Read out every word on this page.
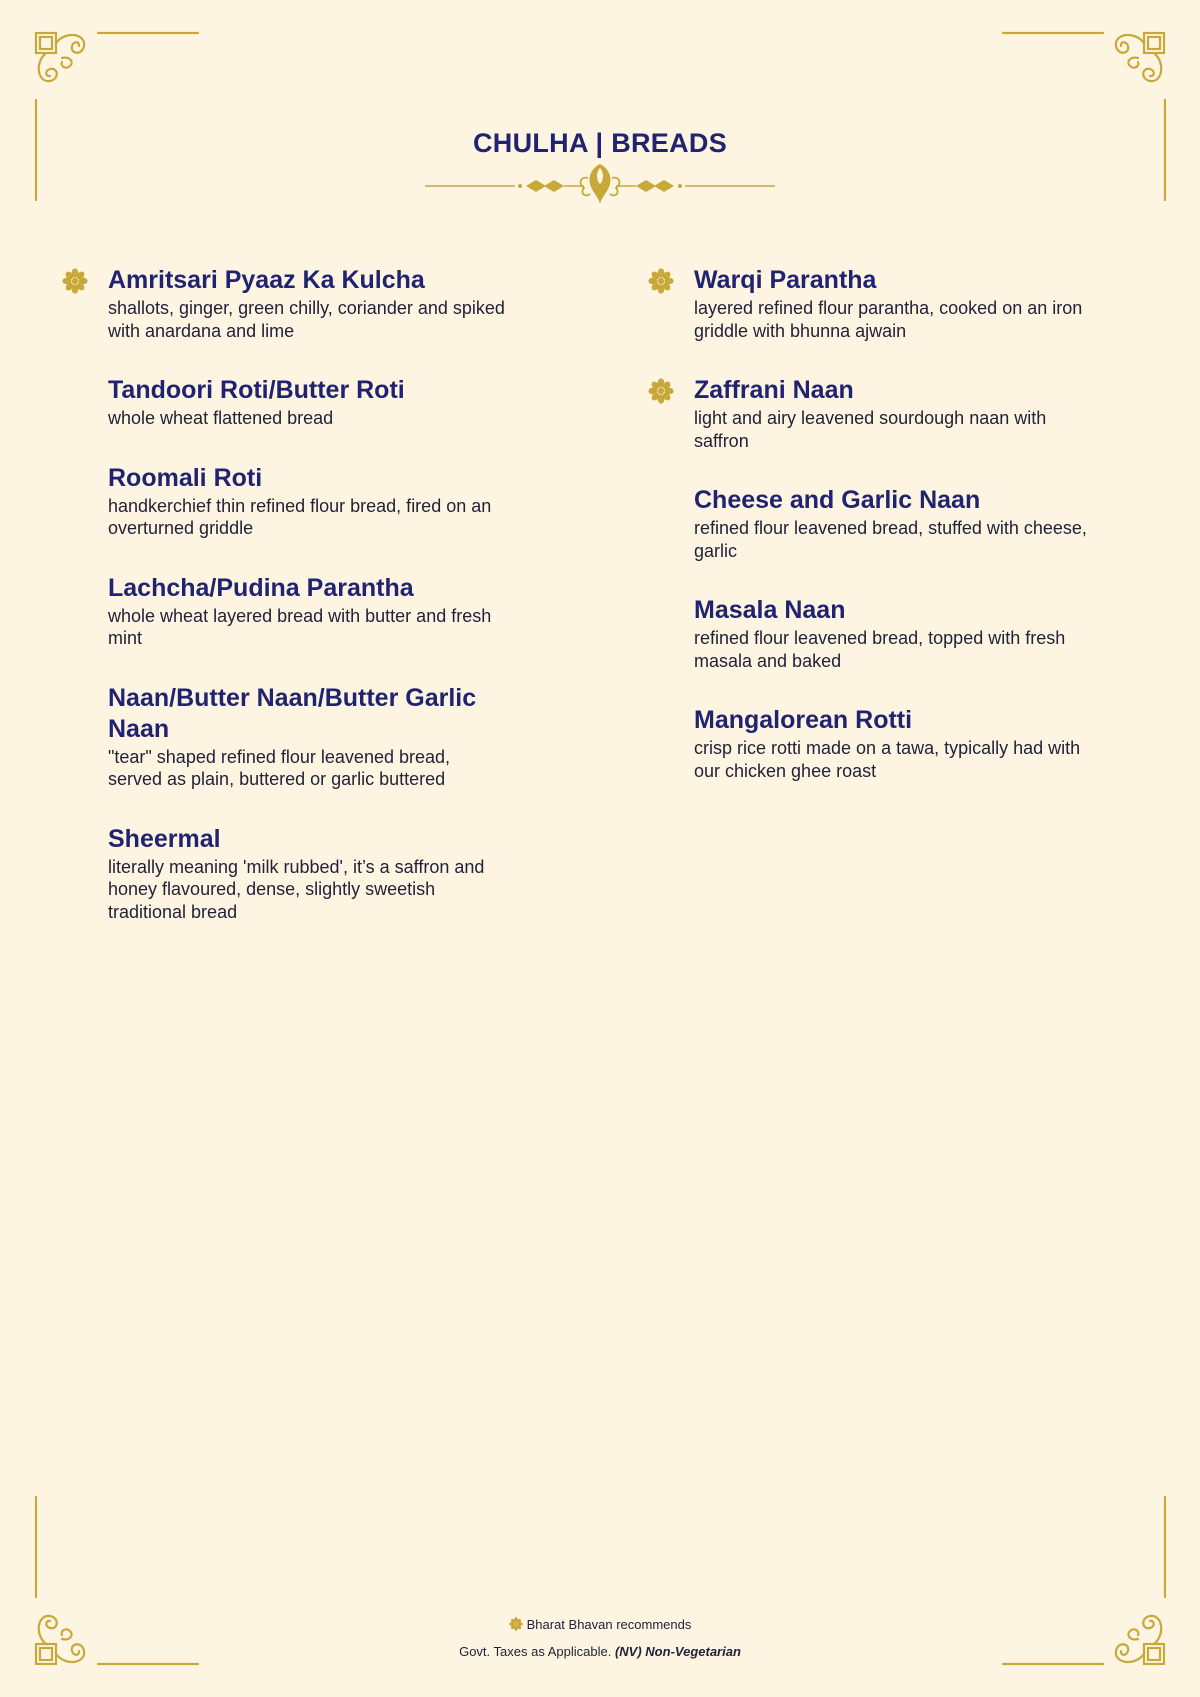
CHULHA | BREADS
Amritsari Pyaaz Ka Kulcha

shallots, ginger, green chilly, coriander and spiked with anardana and lime

Tandoori Roti/Butter Roti

whole wheat flattened bread

Roomali Roti

handkerchief thin refined flour bread, fired on an overturned griddle

Lachcha/Pudina Parantha

whole wheat layered bread with butter and fresh mint

Naan/Butter Naan/Butter Garlic Naan

"tear" shaped refined flour leavened bread, served as plain, buttered or garlic buttered

Sheermal

literally meaning 'milk rubbed', it’s a saffron and honey flavoured, dense, slightly sweetish traditional bread

Warqi Parantha

layered refined flour parantha, cooked on an iron griddle with bhunna ajwain

Zaffrani Naan

light and airy leavened sourdough naan with saffron

Cheese and Garlic Naan

refined flour leavened bread, stuffed with cheese, garlic

Masala Naan

refined flour leavened bread, topped with fresh masala and baked

Mangalorean Rotti

crisp rice rotti made on a tawa, typically had with our chicken ghee roast

Bharat Bhavan recommends
Govt. Taxes as Applicable. (NV) Non-Vegetarian
